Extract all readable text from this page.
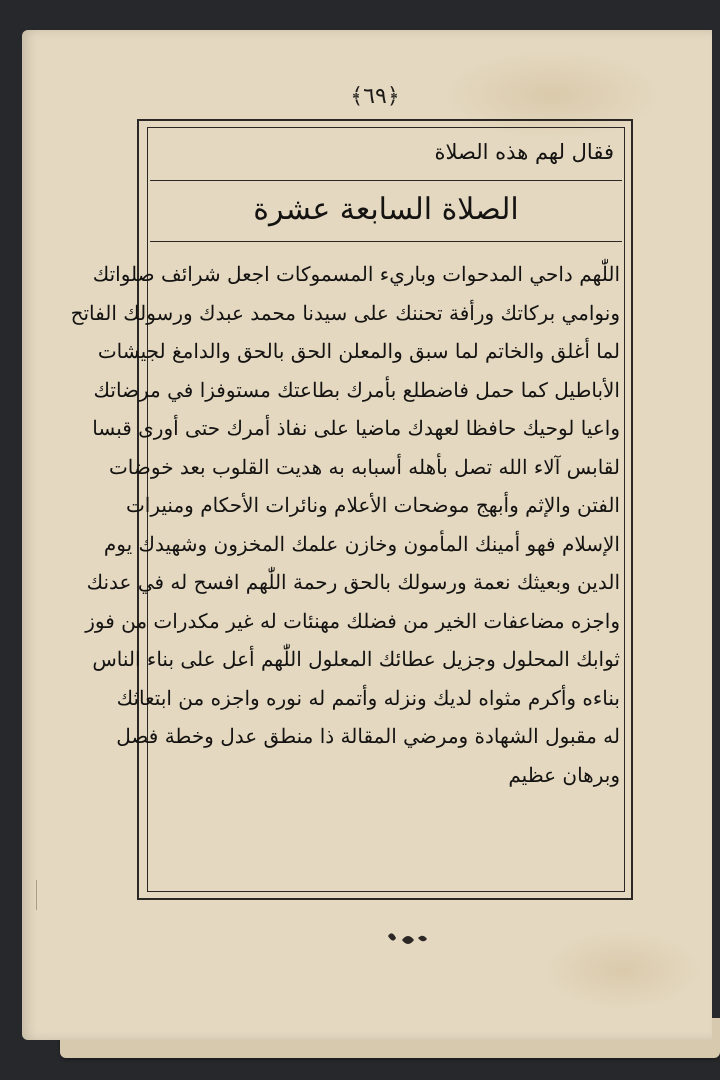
﴿٦٩﴾
فقال لهم هذه الصلاة
الصلاة السابعة عشرة
اللّٰهم داحي المدحوات وباريء المسموكات اجعل شرائف صلواتك
ونوامي بركاتك ورأفة تحننك على سيدنا محمد عبدك ورسولك الفاتح
لما أغلق والخاتم لما سبق والمعلن الحق بالحق والدامغ لجيشات
الأباطيل كما حمل فاضطلع بأمرك بطاعتك مستوفزا في مرضاتك
واعيا لوحيك حافظا لعهدك ماضيا على نفاذ أمرك حتى أورى قبسا
لقابس آلاء الله تصل بأهله أسبابه به هديت القلوب بعد خوضات
الفتن والإثم وأبهج موضحات الأعلام ونائرات الأحكام ومنيرات
الإسلام فهو أمينك المأمون وخازن علمك المخزون وشهيدك يوم
الدين وبعيثك نعمة ورسولك بالحق رحمة اللّٰهم افسح له في عدنك
واجزه مضاعفات الخير من فضلك مهنئات له غير مكدرات من فوز
ثوابك المحلول وجزيل عطائك المعلول اللّٰهم أعل على بناء الناس
بناءه وأكرم مثواه لديك ونزله وأتمم له نوره واجزه من ابتعاثك
له مقبول الشهادة ومرضي المقالة ذا منطق عدل وخطة فصل
وبرهان عظيم
